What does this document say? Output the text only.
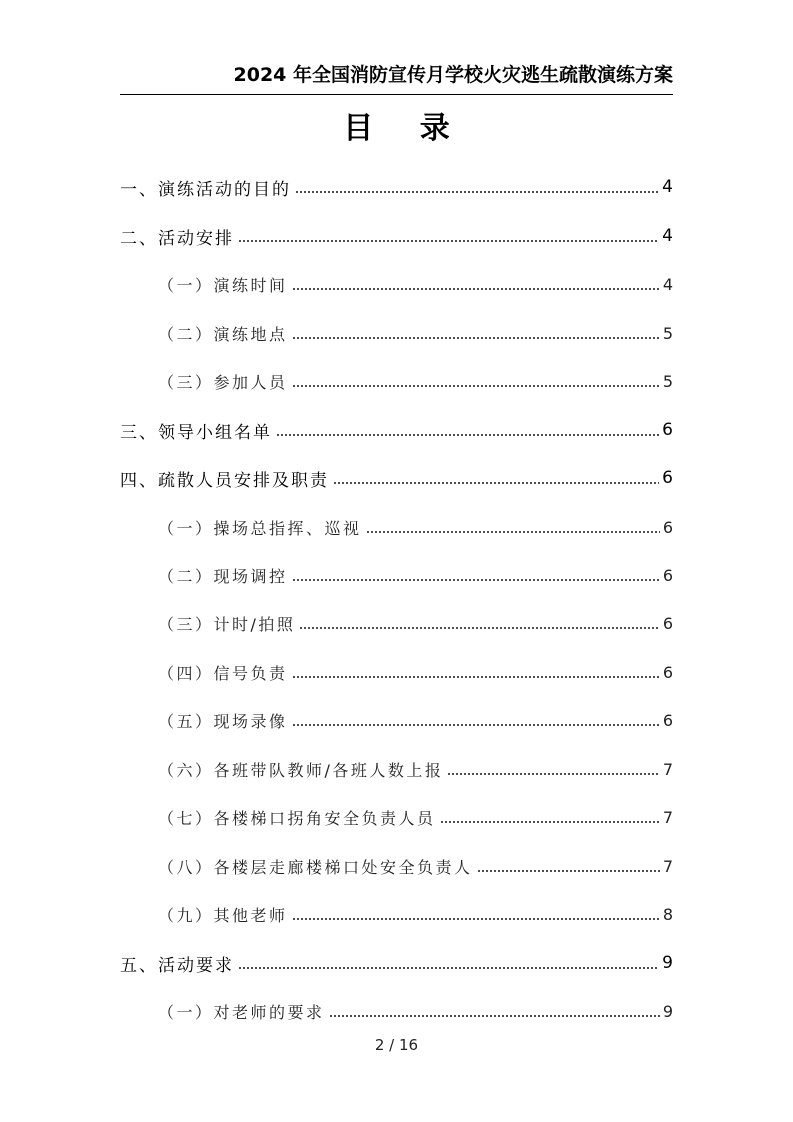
2024 年全国消防宣传月学校火灾逃生疏散演练方案
目 录
一、演练活动的目的	4
二、活动安排	4
（一）演练时间	4
（二）演练地点	5
（三）参加人员	5
三、领导小组名单	6
四、疏散人员安排及职责	6
（一）操场总指挥、巡视	6
（二）现场调控	6
（三）计时/拍照	6
（四）信号负责	6
（五）现场录像	6
（六）各班带队教师/各班人数上报	7
（七）各楼梯口拐角安全负责人员	7
（八）各楼层走廊楼梯口处安全负责人	7
（九）其他老师	8
五、活动要求	9
（一）对老师的要求	9
2 / 16
